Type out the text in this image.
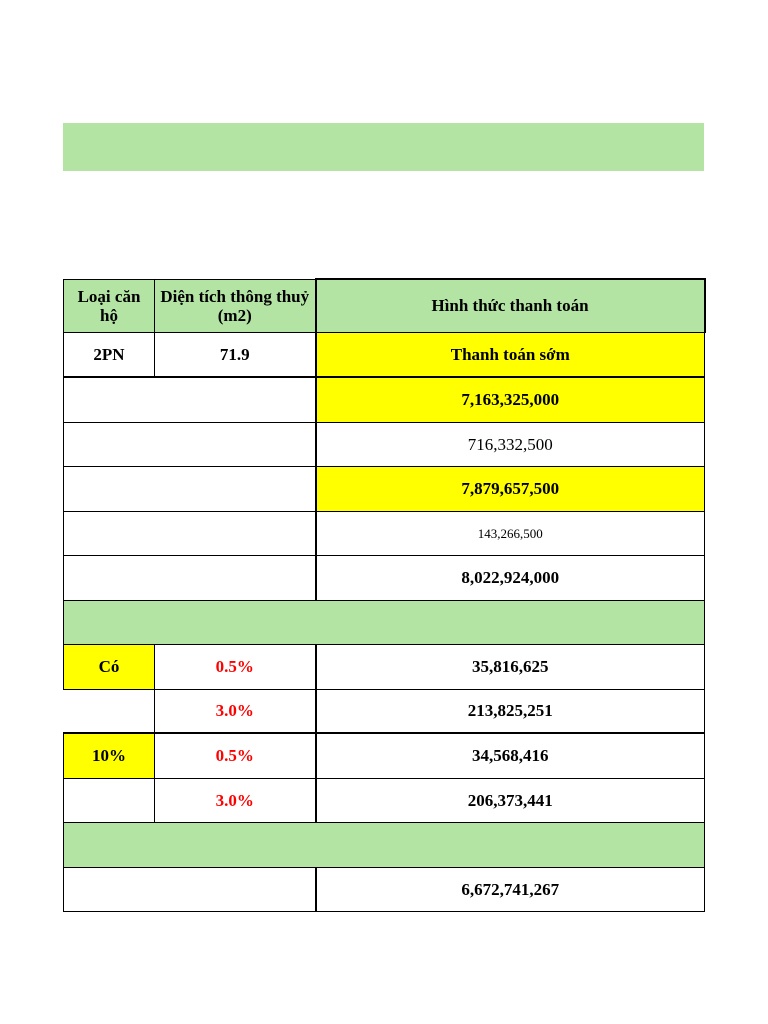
Loại căn hộ	Diện tích thông thuỷ (m2)	Hình thức thanh toán
2PN	71.9	Thanh toán sớm
		7,163,325,000
		716,332,500
		7,879,657,500
		143,266,500
		8,022,924,000

Có	0.5%	35,816,625
	3.0%	213,825,251
10%	0.5%	34,568,416
	3.0%	206,373,441

		6,672,741,267
